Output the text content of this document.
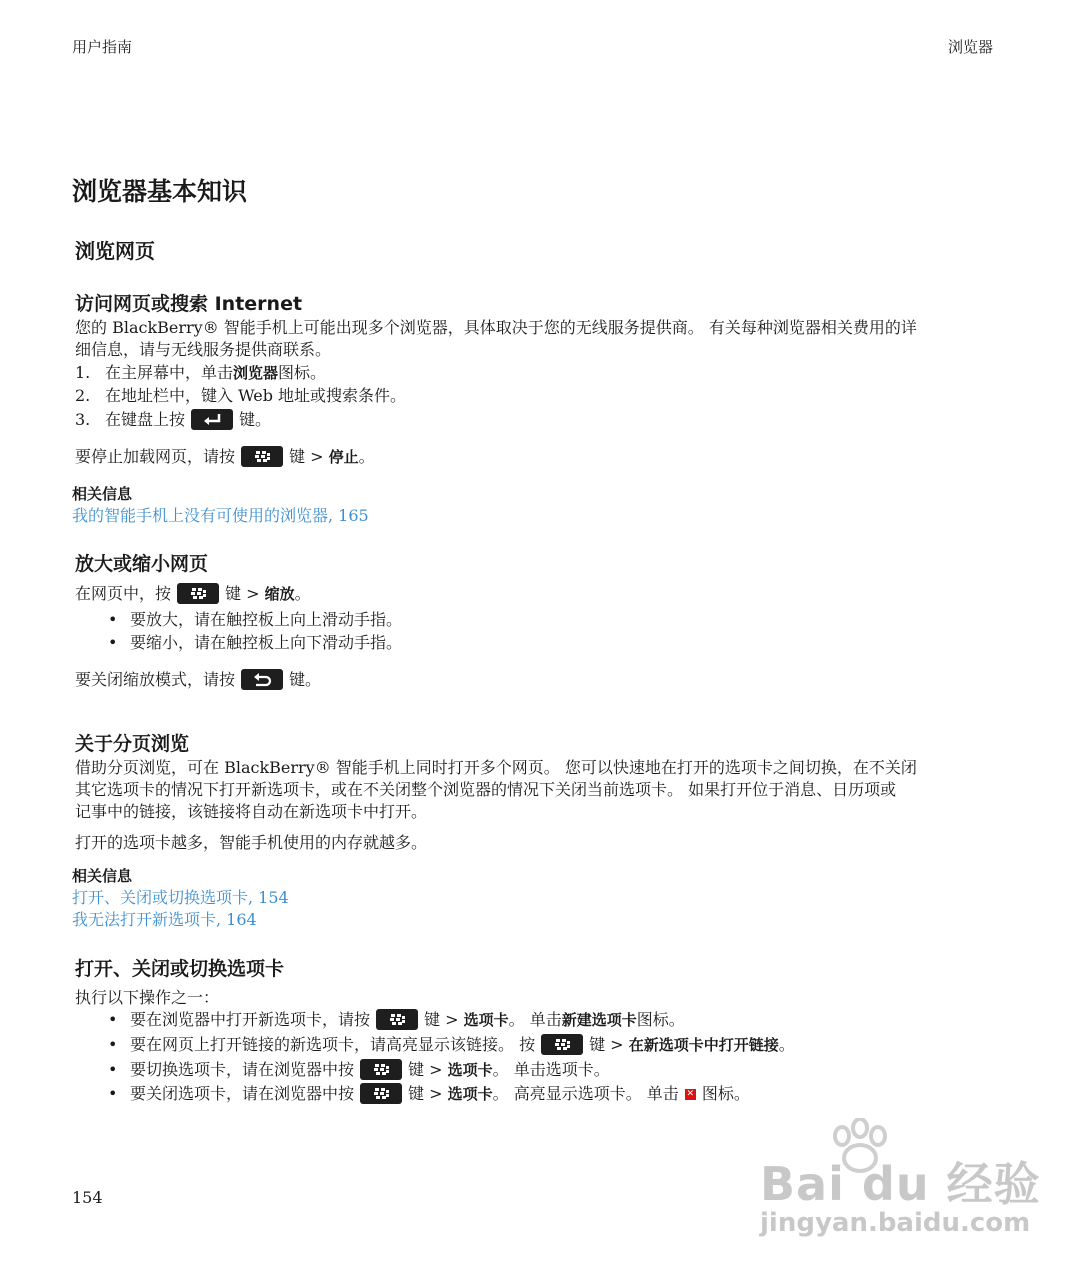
用户指南	浏览器
浏览器基本知识
浏览网页
访问网页或搜索 Internet
您的 BlackBerry® 智能手机上可能出现多个浏览器，具体取决于您的无线服务提供商。 有关每种浏览器相关费用的详
细信息，请与无线服务提供商联系。
1. 在主屏幕中，单击浏览器图标。
2. 在地址栏中，键入 Web 地址或搜索条件。
3. 在键盘上按	键。
要停止加载网页，请按	键 > 停止。
相关信息
我的智能手机上没有可使用的浏览器, 165
放大或缩小网页
在网页中，按	键 > 缩放。
• 要放大，请在触控板上向上滑动手指。
• 要缩小，请在触控板上向下滑动手指。
要关闭缩放模式，请按	键。
关于分页浏览
借助分页浏览，可在 BlackBerry® 智能手机上同时打开多个网页。 您可以快速地在打开的选项卡之间切换，在不关闭
其它选项卡的情况下打开新选项卡，或在不关闭整个浏览器的情况下关闭当前选项卡。 如果打开位于消息、日历项或
记事中的链接，该链接将自动在新选项卡中打开。
打开的选项卡越多，智能手机使用的内存就越多。
相关信息
打开、关闭或切换选项卡, 154
我无法打开新选项卡, 164
打开、关闭或切换选项卡
执行以下操作之一：
• 要在浏览器中打开新选项卡，请按	键 > 选项卡。 单击新建选项卡图标。
• 要在网页上打开链接的新选项卡，请高亮显示该链接。 按	键 > 在新选项卡中打开链接。
• 要切换选项卡，请在浏览器中按	键 > 选项卡。 单击选项卡。
• 要关闭选项卡，请在浏览器中按	键 > 选项卡。 高亮显示选项卡。 单击 ✕ 图标。
154	Bai du 经验
jingyan.baidu.com
